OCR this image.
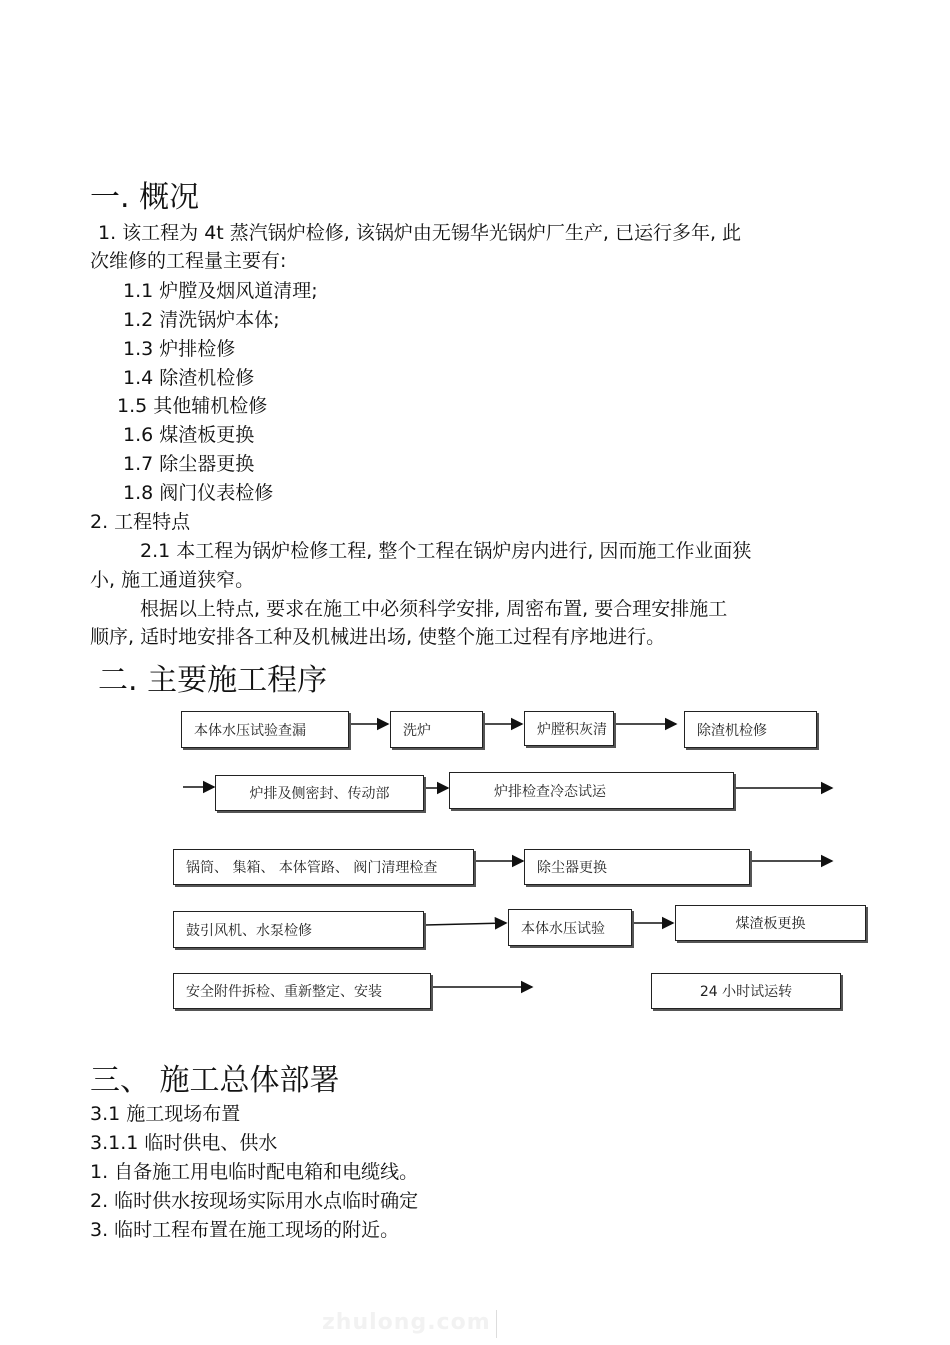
一. 概况
1. 该工程为 4t 蒸汽锅炉检修, 该锅炉由无锡华光锅炉厂生产, 已运行多年, 此
次维修的工程量主要有:
1.1 炉膛及烟风道清理;
1.2 清洗锅炉本体;
1.3 炉排检修
1.4 除渣机检修
1.5 其他辅机检修
1.6 煤渣板更换
1.7 除尘器更换
1.8 阀门仪表检修
2. 工程特点
2.1 本工程为锅炉检修工程, 整个工程在锅炉房内进行, 因而施工作业面狭
小, 施工通道狭窄。
根据以上特点, 要求在施工中必须科学安排, 周密布置, 要合理安排施工
顺序, 适时地安排各工种及机械进出场, 使整个施工过程有序地进行。
二. 主要施工程序
本体水压试验查漏	洗炉	炉膛积灰清	除渣机检修
炉排及侧密封、传动部	炉排检查冷态试运
锅筒、 集箱、 本体管路、 阀门清理检查	除尘器更换
鼓引风机、水泵检修	本体水压试验	煤渣板更换
安全附件拆检、重新整定、安装	24 小时试运转
三、 施工总体部署
3.1 施工现场布置
3.1.1 临时供电、供水
1. 自备施工用电临时配电箱和电缆线。
2. 临时供水按现场实际用水点临时确定
3. 临时工程布置在施工现场的附近。
zhulong.com
